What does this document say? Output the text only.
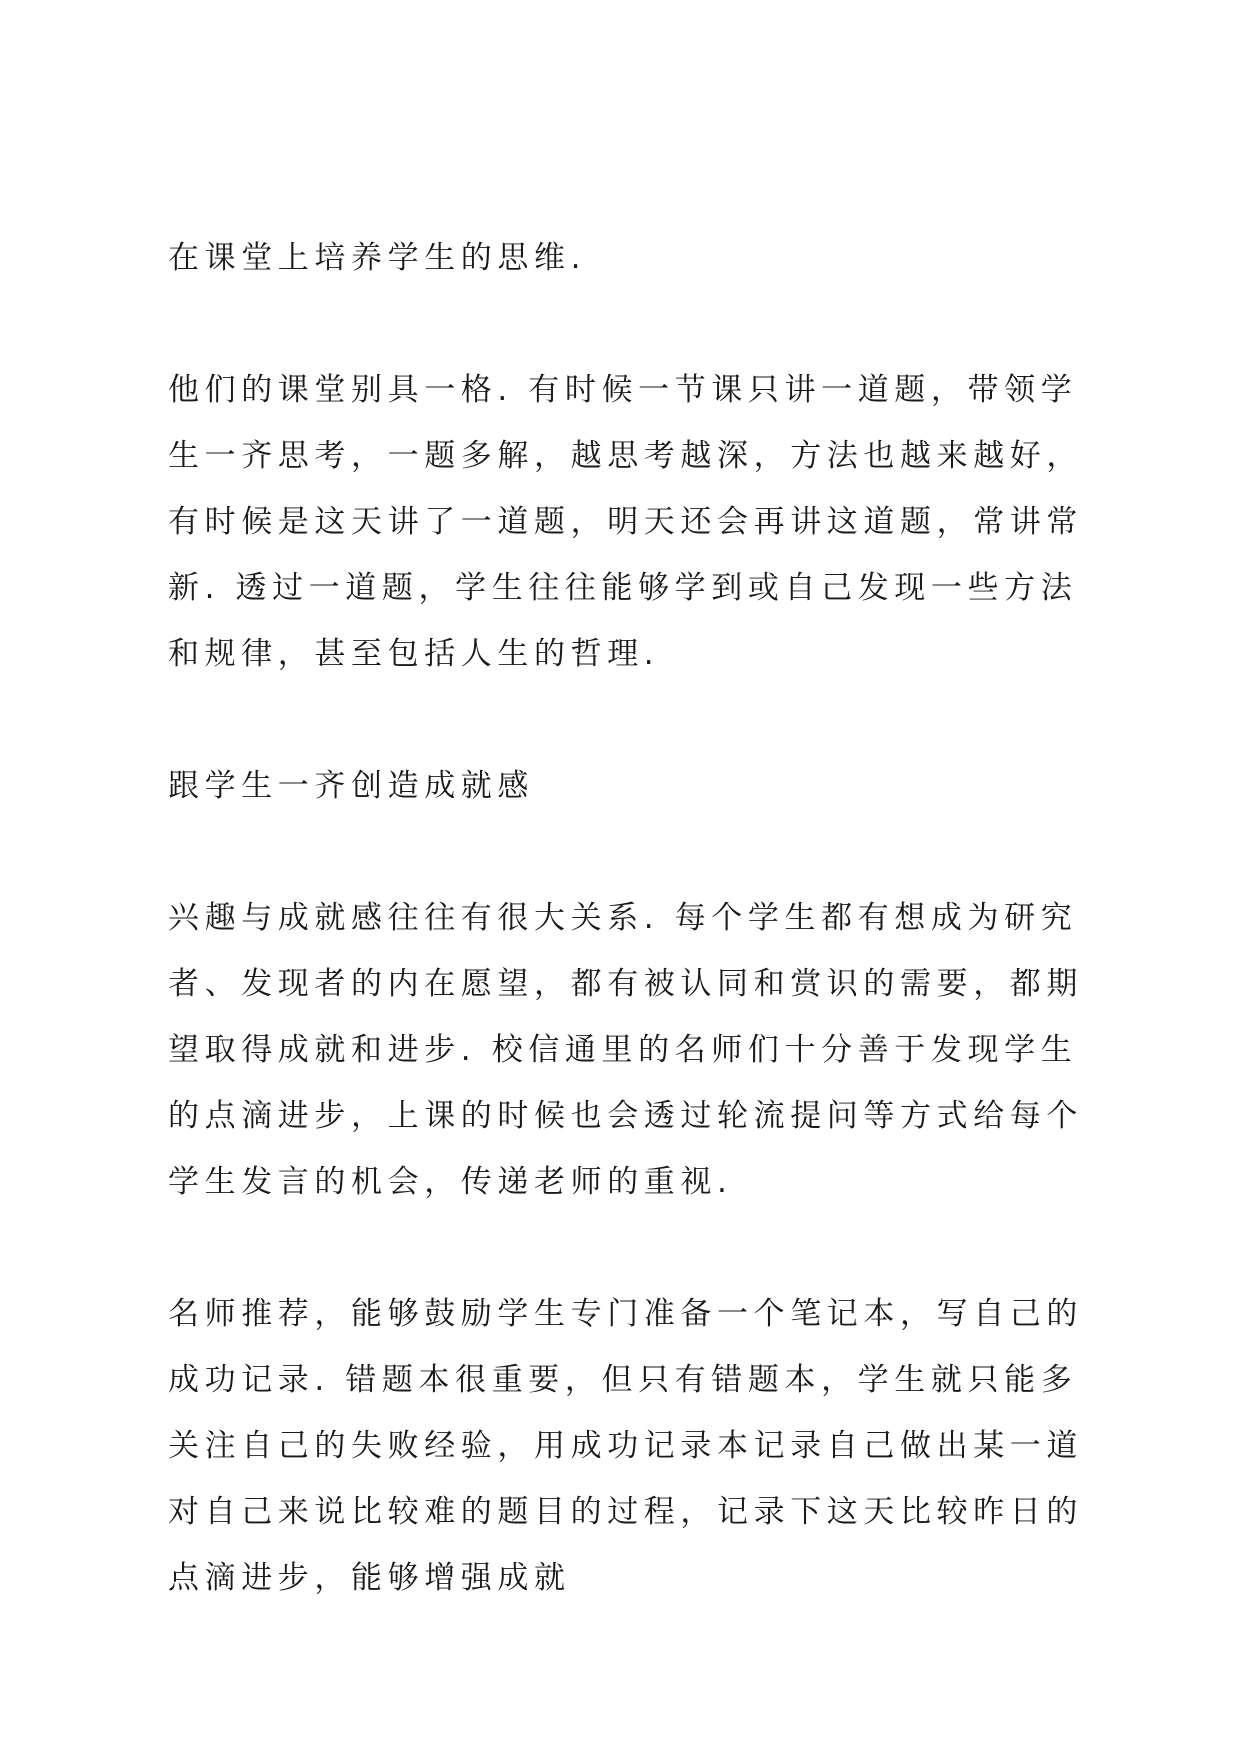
在课堂上培养学生的思维.

他们的课堂别具一格. 有时候一节课只讲一道题，带领学生一齐思考，一题多解，越思考越深，方法也越来越好，有时候是这天讲了一道题，明天还会再讲这道题，常讲常新. 透过一道题，学生往往能够学到或自己发现一些方法和规律，甚至包括人生的哲理.

跟学生一齐创造成就感

兴趣与成就感往往有很大关系. 每个学生都有想成为研究者、发现者的内在愿望，都有被认同和赏识的需要，都期望取得成就和进步. 校信通里的名师们十分善于发现学生的点滴进步，上课的时候也会透过轮流提问等方式给每个学生发言的机会，传递老师的重视.

名师推荐，能够鼓励学生专门准备一个笔记本，写自己的成功记录. 错题本很重要，但只有错题本，学生就只能多关注自己的失败经验，用成功记录本记录自己做出某一道对自己来说比较难的题目的过程，记录下这天比较昨日的点滴进步，能够增强成就
